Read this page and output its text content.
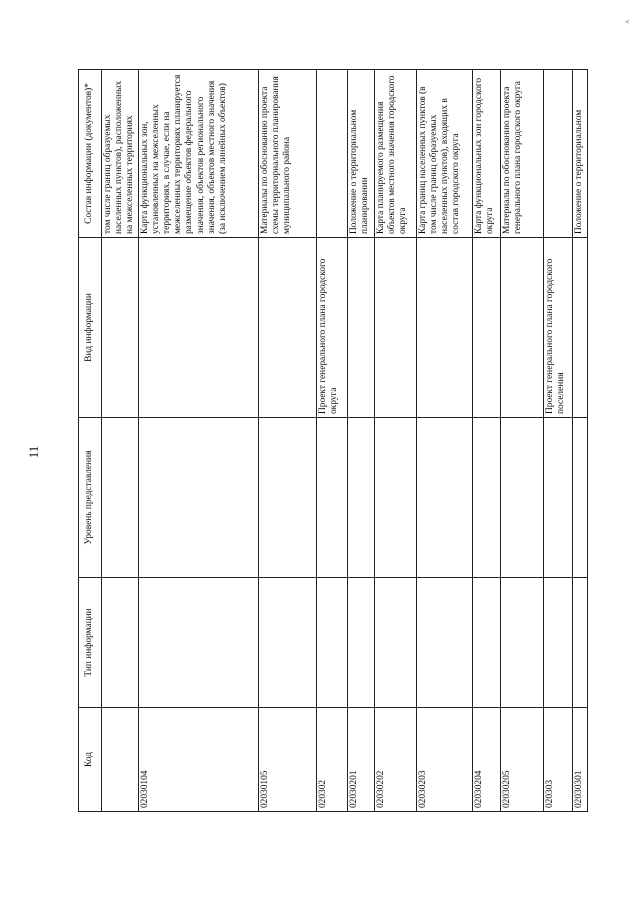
11
v
Код	Тип информации	Уровень представления	Вид информации	Состав информации (документов)*
				том числе границ образуемых населенных пунктов), расположенных на межселенных территориях
02030104				Карта функциональных зон, установленных на межселенных территориях, в случае, если на межселенных территориях планируется размещение объектов федерального значения, объектов регионального значения, объектов местного значения (за исключением линейных объектов)
02030105				Материалы по обоснованию проекта схемы территориального планирования муниципального района
020302			Проект генерального плана городского округа	
02030201				Положение о территориальном планировании
02030202				Карта планируемого размещения объектов местного значения городского округа
02030203				Карта границ населенных пунктов (в том числе границ образуемых населенных пунктов), входящих в состав городского округа
02030204				Карта функциональных зон городского округа
02030205				Материалы по обоснованию проекта генерального плана городского округа
020303			Проект генерального плана городского поселения	
02030301				Положение о территориальном
